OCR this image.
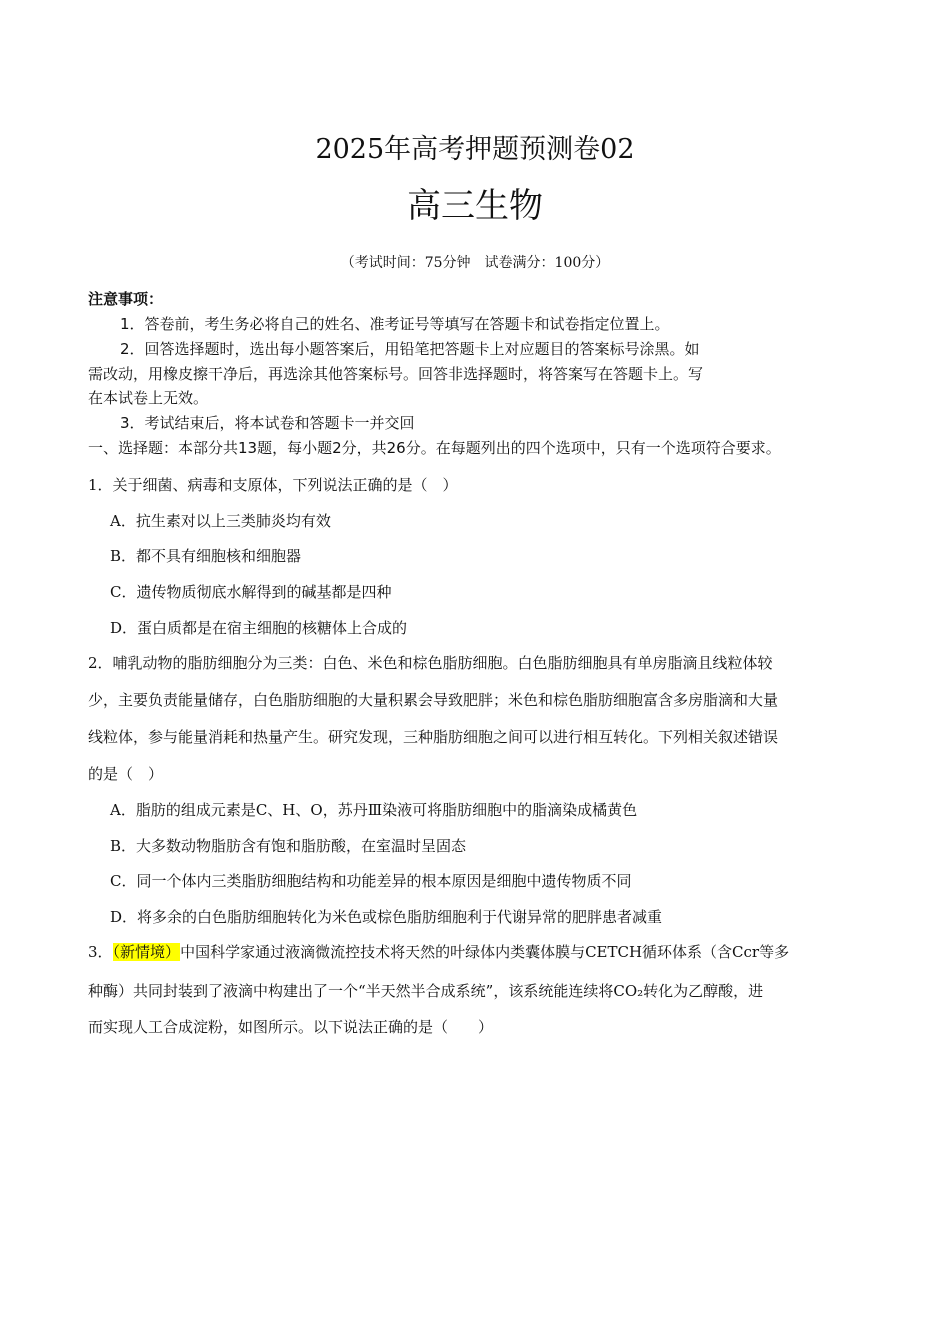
2025年高考押题预测卷02
高三生物
（考试时间：75分钟　试卷满分：100分）
注意事项：
1．答卷前，考生务必将自己的姓名、准考证号等填写在答题卡和试卷指定位置上。
2．回答选择题时，选出每小题答案后，用铅笔把答题卡上对应题目的答案标号涂黑。如
需改动，用橡皮擦干净后，再选涂其他答案标号。回答非选择题时，将答案写在答题卡上。写
在本试卷上无效。
3．考试结束后，将本试卷和答题卡一并交回
一、选择题：本部分共13题，每小题2分，共26分。在每题列出的四个选项中，只有一个选项符合要求。
1．关于细菌、病毒和支原体，下列说法正确的是（　）
A．抗生素对以上三类肺炎均有效
B．都不具有细胞核和细胞器
C．遗传物质彻底水解得到的碱基都是四种
D．蛋白质都是在宿主细胞的核糖体上合成的
2．哺乳动物的脂肪细胞分为三类：白色、米色和棕色脂肪细胞。白色脂肪细胞具有单房脂滴且线粒体较
少，主要负责能量储存，白色脂肪细胞的大量积累会导致肥胖；米色和棕色脂肪细胞富含多房脂滴和大量
线粒体，参与能量消耗和热量产生。研究发现，三种脂肪细胞之间可以进行相互转化。下列相关叙述错误
的是（　）
A．脂肪的组成元素是C、H、O，苏丹Ⅲ染液可将脂肪细胞中的脂滴染成橘黄色
B．大多数动物脂肪含有饱和脂肪酸，在室温时呈固态
C．同一个体内三类脂肪细胞结构和功能差异的根本原因是细胞中遗传物质不同
D．将多余的白色脂肪细胞转化为米色或棕色脂肪细胞利于代谢异常的肥胖患者减重
3．（新情境）中国科学家通过液滴微流控技术将天然的叶绿体内类囊体膜与CETCH循环体系（含Ccr等多
种酶）共同封装到了液滴中构建出了一个“半天然半合成系统”，该系统能连续将CO₂转化为乙醇酸，进
而实现人工合成淀粉，如图所示。以下说法正确的是（　　）
